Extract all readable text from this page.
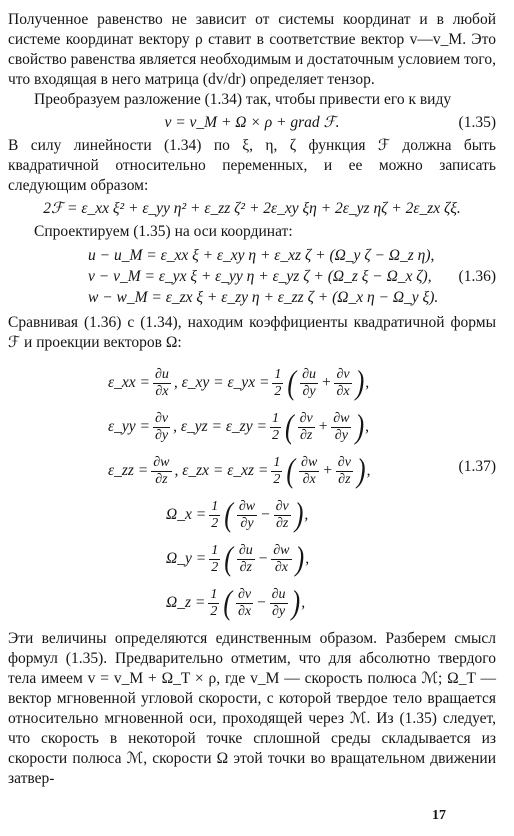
Полученное равенство не зависит от системы координат и в любой системе координат вектору ρ ставит в соответствие вектор v—v_M. Это свойство равенства является необходимым и достаточным условием того, что входящая в него матрица (dv/dr) определяет тензор.

Преобразуем разложение (1.34) так, чтобы привести его к виду

v = v_M + Ω × ρ + grad ℱ.	(1.35)

В силу линейности (1.34) по ξ, η, ζ функция ℱ должна быть квадратичной относительно переменных, и ее можно записать следующим образом:

2ℱ = ε_xx ξ² + ε_yy η² + ε_zz ζ² + 2ε_xy ξη + 2ε_yz ηζ + 2ε_zx ζξ.

Спроектируем (1.35) на оси координат:

u − u_M = ε_xx ξ + ε_xy η + ε_xz ζ + (Ω_y ζ − Ω_z η),
v − v_M = ε_yx ξ + ε_yy η + ε_yz ζ + (Ω_z ξ − Ω_x ζ),
w − w_M = ε_zx ξ + ε_zy η + ε_zz ζ + (Ω_x η − Ω_y ξ).
(1.36)

Сравнивая (1.36) с (1.34), находим коэффициенты квадратичной формы ℱ и проекции векторов Ω:

ε_xx = $\frac{\partial u}{\partial x}$ , ε_xy = ε_yx = $\frac{1}{2}$ ( $\frac{\partial u}{\partial y} + \frac{\partial v}{\partial x}$ ) ,
ε_yy = $\frac{\partial v}{\partial y}$ , ε_yz = ε_zy = $\frac{1}{2}$ ( $\frac{\partial v}{\partial z} + \frac{\partial w}{\partial y}$ ) ,
ε_zz = $\frac{\partial w}{\partial z}$ , ε_zx = ε_xz = $\frac{1}{2}$ ( $\frac{\partial w}{\partial x} + \frac{\partial v}{\partial z}$ ) ,
Ω_x = $\frac{1}{2}$ ( $\frac{\partial w}{\partial y} - \frac{\partial v}{\partial z}$ ) ,
Ω_y = $\frac{1}{2}$ ( $\frac{\partial u}{\partial z} - \frac{\partial w}{\partial x}$ ) ,
Ω_z = $\frac{1}{2}$ ( $\frac{\partial v}{\partial x} - \frac{\partial u}{\partial y}$ ) ,
(1.37)

Эти величины определяются единственным образом. Разберем смысл формул (1.35). Предварительно отметим, что для абсолютно твердого тела имеем v = v_M + Ω_T × ρ, где v_M — скорость полюса ℳ; Ω_T — вектор мгновенной угловой скорости, с которой твердое тело вращается относительно мгновенной оси, проходящей через ℳ. Из (1.35) следует, что скорость в некоторой точке сплошной среды складывается из скорости полюса ℳ, скорости Ω этой точки во вращательном движении затвер-

17
